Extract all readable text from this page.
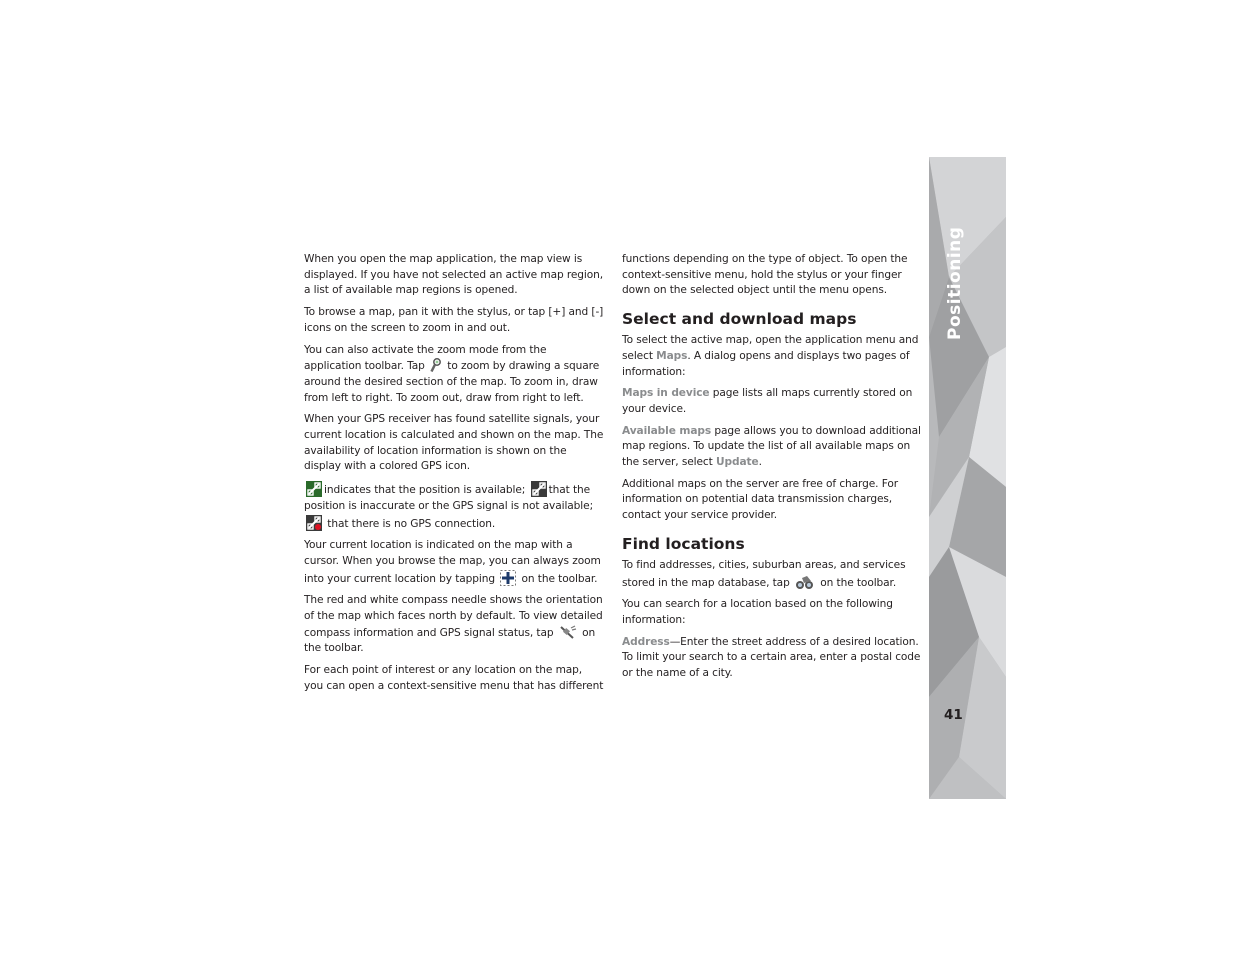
When you open the map application, the map view is displayed. If you have not selected an active map region, a list of available map regions is opened.

To browse a map, pan it with the stylus, or tap [+] and [-] icons on the screen to zoom in and out.

You can also activate the zoom mode from the application toolbar. Tap to zoom by drawing a square around the desired section of the map. To zoom in, draw from left to right. To zoom out, draw from right to left.

When your GPS receiver has found satellite signals, your current location is calculated and shown on the map. The availability of location information is shown on the display with a colored GPS icon.

indicates that the position is available; that the position is inaccurate or the GPS signal is not available;
that there is no GPS connection.

Your current location is indicated on the map with a cursor. When you browse the map, you can always zoom into your current location by tapping	on the toolbar.

The red and white compass needle shows the orientation of the map which faces north by default. To view detailed compass information and GPS signal status, tap	on the toolbar.

For each point of interest or any location on the map, you can open a context-sensitive menu that has different

functions depending on the type of object. To open the context-sensitive menu, hold the stylus or your finger down on the selected object until the menu opens.

Select and download maps

To select the active map, open the application menu and select Maps. A dialog opens and displays two pages of information:

Maps in device page lists all maps currently stored on your device.

Available maps page allows you to download additional map regions. To update the list of all available maps on the server, select Update.

Additional maps on the server are free of charge. For information on potential data transmission charges, contact your service provider.

Find locations

To find addresses, cities, suburban areas, and services stored in the map database, tap	on the toolbar.

You can search for a location based on the following information:

Address—Enter the street address of a desired location. To limit your search to a certain area, enter a postal code or the name of a city.

Positioning
41
